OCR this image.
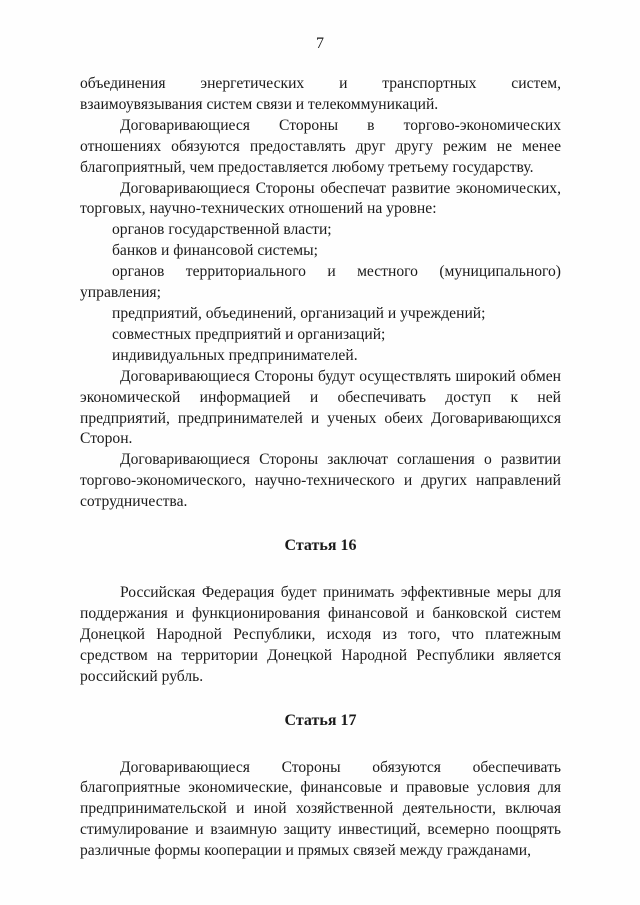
7

объединения энергетических и транспортных систем, взаимоувязывания систем связи и телекоммуникаций.

Договаривающиеся Стороны в торгово-экономических отношениях обязуются предоставлять друг другу режим не менее благоприятный, чем предоставляется любому третьему государству.

Договаривающиеся Стороны обеспечат развитие экономических, торговых, научно-технических отношений на уровне:

органов государственной власти;

банков и финансовой системы;

органов территориального и местного (муниципального) управления;

предприятий, объединений, организаций и учреждений;

совместных предприятий и организаций;

индивидуальных предпринимателей.

Договаривающиеся Стороны будут осуществлять широкий обмен экономической информацией и обеспечивать доступ к ней предприятий, предпринимателей и ученых обеих Договаривающихся Сторон.

Договаривающиеся Стороны заключат соглашения о развитии торгово-экономического, научно-технического и других направлений сотрудничества.

Статья 16

Российская Федерация будет принимать эффективные меры для поддержания и функционирования финансовой и банковской систем Донецкой Народной Республики, исходя из того, что платежным средством на территории Донецкой Народной Республики является российский рубль.

Статья 17

Договаривающиеся Стороны обязуются обеспечивать благоприятные экономические, финансовые и правовые условия для предпринимательской и иной хозяйственной деятельности, включая стимулирование и взаимную защиту инвестиций, всемерно поощрять различные формы кооперации и прямых связей между гражданами,
